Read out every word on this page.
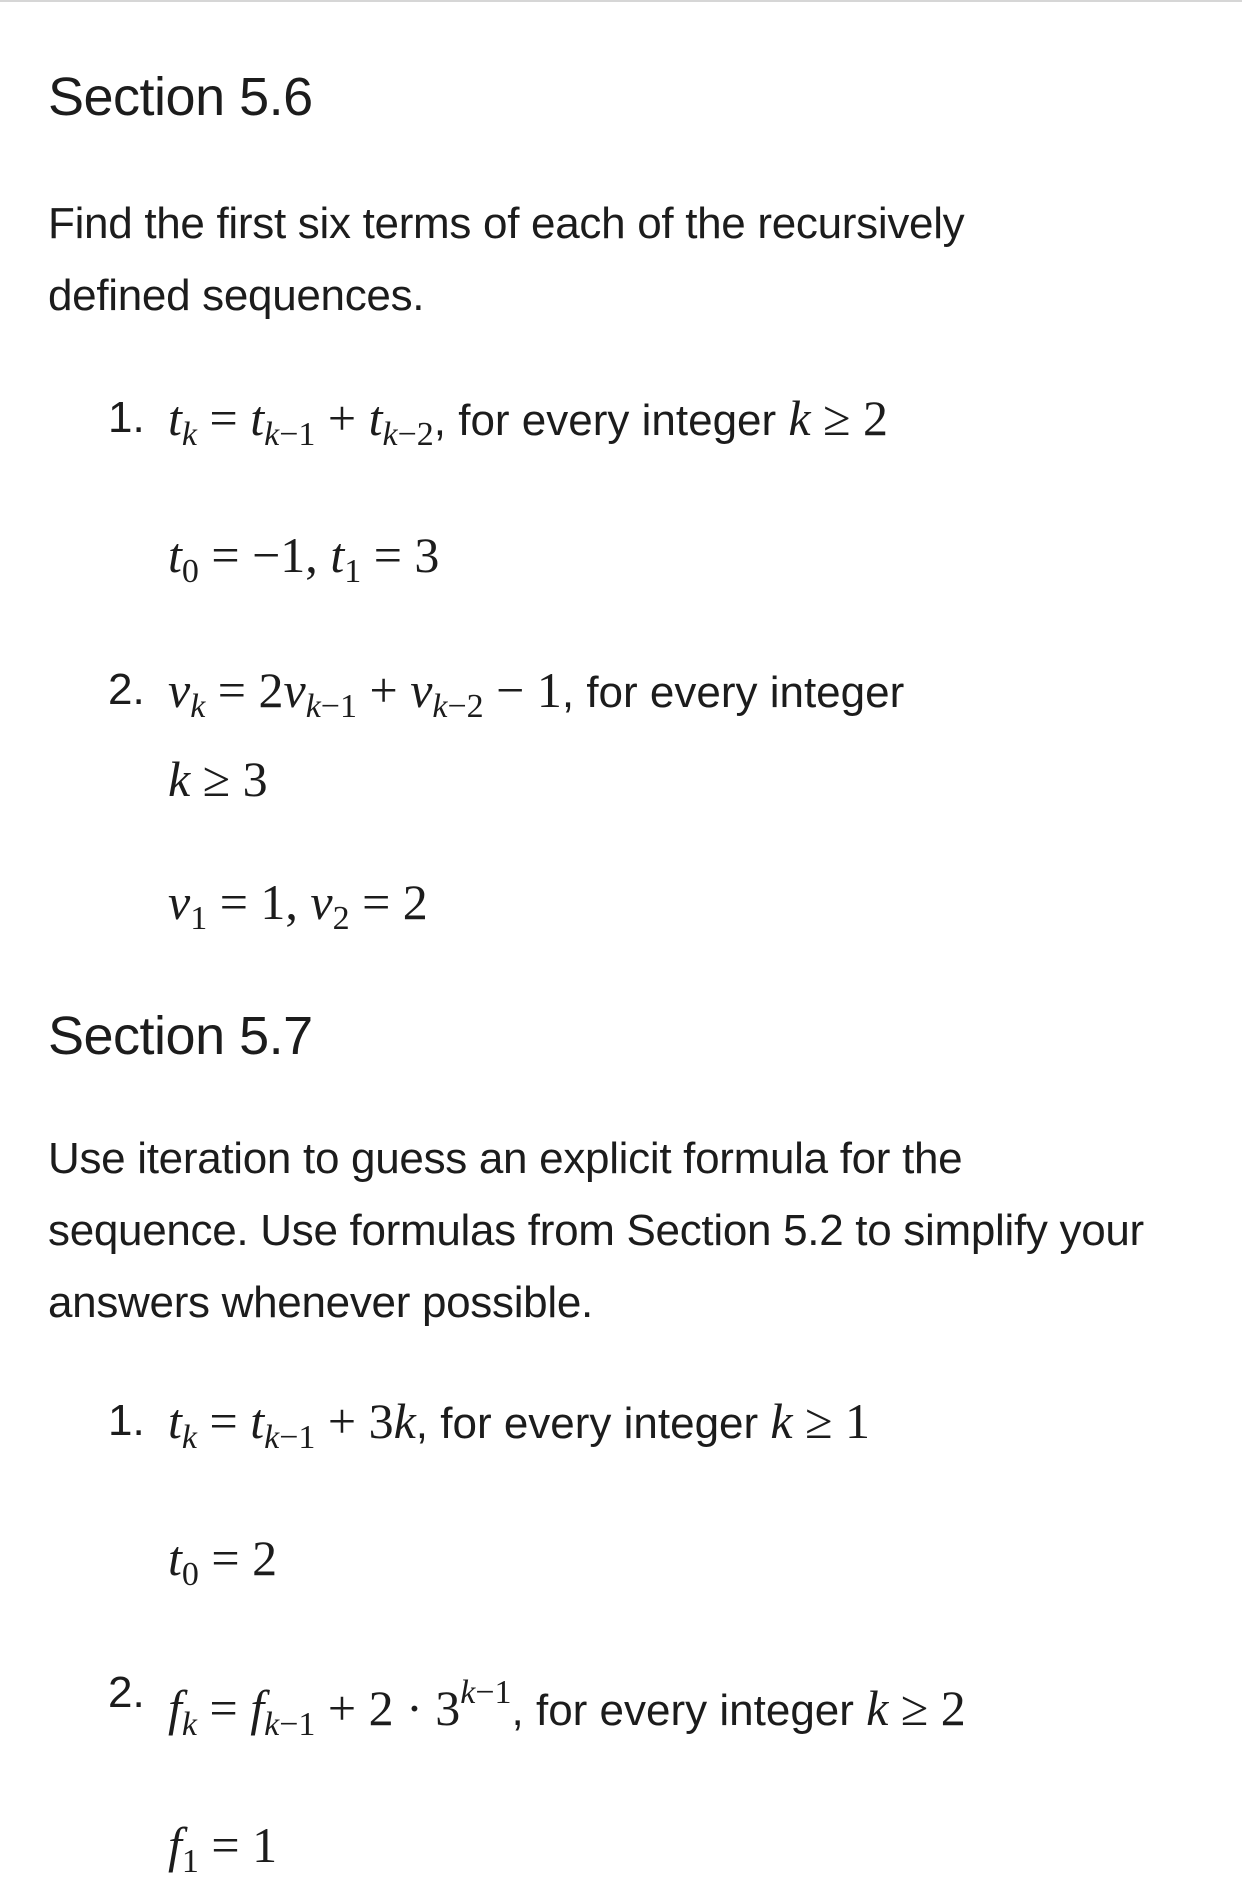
Section 5.6

Find the first six terms of each of the recursively defined sequences.

1. $t_k = t_{k-1} + t_{k-2}$, for every integer k ≥ 2
$t_0 = -1$, $t_1 = 3$
2. $v_k = 2v_{k-1} + v_{k-2} - 1$, for every integer
k ≥ 3
$v_1 = 1$, $v_2 = 2$
Section 5.7

Use iteration to guess an explicit formula for the sequence. Use formulas from Section 5.2 to simplify your answers whenever possible.

1. $t_k = t_{k-1} + 3k$, for every integer k ≥ 1
$t_0 = 2$
2. $f_k = f_{k-1} + 2 \cdot 3^{k-1}$, for every integer k ≥ 2
$f_1 = 1$
